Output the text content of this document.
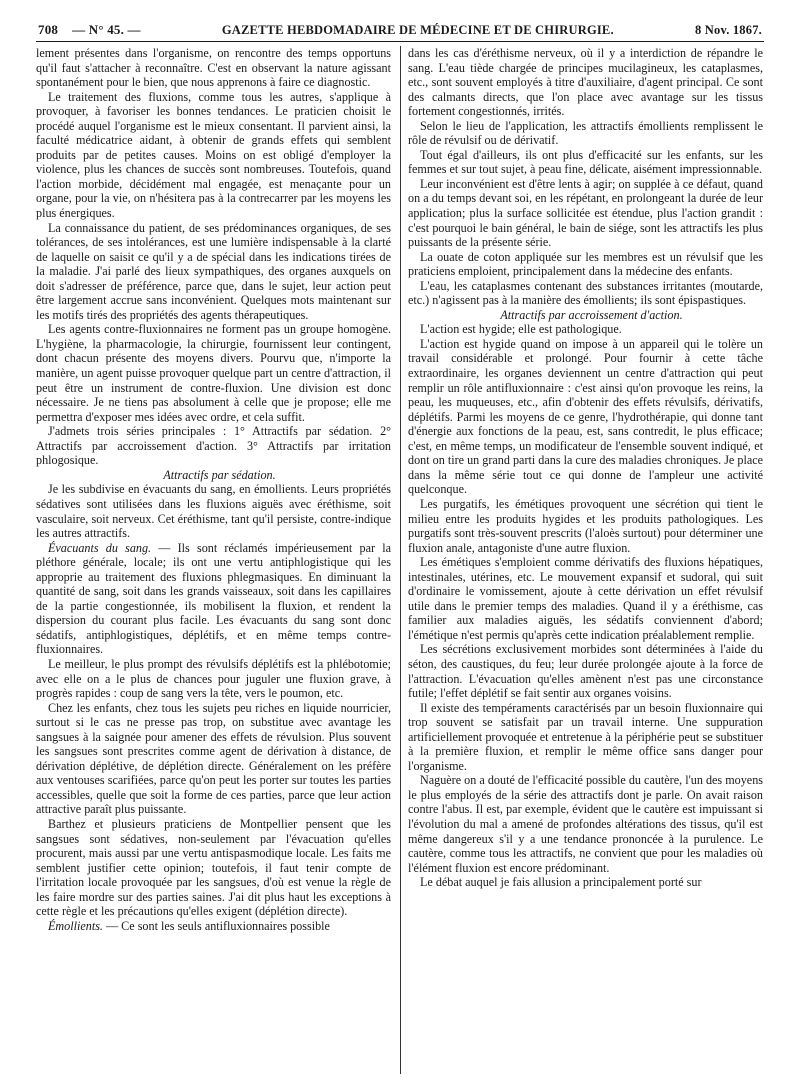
708 — N° 45. —	GAZETTE HEBDOMADAIRE DE MÉDECINE ET DE CHIRURGIE.	8 Nov. 1867.

lement présentes dans l'organisme, on rencontre des temps opportuns qu'il faut s'attacher à reconnaître. C'est en observant la nature agissant spontanément pour le bien, que nous apprenons à faire ce diagnostic.

Le traitement des fluxions, comme tous les autres, s'applique à provoquer, à favoriser les bonnes tendances. Le praticien choisit le procédé auquel l'organisme est le mieux consentant. Il parvient ainsi, la faculté médicatrice aidant, à obtenir de grands effets qui semblent produits par de petites causes. Moins on est obligé d'employer la violence, plus les chances de succès sont nombreuses. Toutefois, quand l'action morbide, décidément mal engagée, est menaçante pour un organe, pour la vie, on n'hésitera pas à la contrecarrer par les moyens les plus énergiques.

La connaissance du patient, de ses prédominances organiques, de ses tolérances, de ses intolérances, est une lumière indispensable à la clarté de laquelle on saisit ce qu'il y a de spécial dans les indications tirées de la maladie. J'ai parlé des lieux sympathiques, des organes auxquels on doit s'adresser de préférence, parce que, dans le sujet, leur action peut être largement accrue sans inconvénient. Quelques mots maintenant sur les motifs tirés des propriétés des agents thérapeutiques.

Les agents contre-fluxionnaires ne forment pas un groupe homogène. L'hygiène, la pharmacologie, la chirurgie, fournissent leur contingent, dont chacun présente des moyens divers. Pourvu que, n'importe la manière, un agent puisse provoquer quelque part un centre d'attraction, il peut être un instrument de contre-fluxion. Une division est donc nécessaire. Je ne tiens pas absolument à celle que je propose; elle me permettra d'exposer mes idées avec ordre, et cela suffit.

J'admets trois séries principales : 1° Attractifs par sédation. 2° Attractifs par accroissement d'action. 3° Attractifs par irritation phlogosique.

Attractifs par sédation.

Je les subdivise en évacuants du sang, en émollients. Leurs propriétés sédatives sont utilisées dans les fluxions aiguës avec éréthisme, soit vasculaire, soit nerveux. Cet éréthisme, tant qu'il persiste, contre-indique les autres attractifs.

Évacuants du sang. — Ils sont réclamés impérieusement par la pléthore générale, locale; ils ont une vertu antiphlogistique qui les approprie au traitement des fluxions phlegmasiques. En diminuant la quantité de sang, soit dans les grands vaisseaux, soit dans les capillaires de la partie congestionnée, ils mobilisent la fluxion, et rendent la dispersion du courant plus facile. Les évacuants du sang sont donc sédatifs, antiphlogistiques, déplétifs, et en même temps contre-fluxionnaires.

Le meilleur, le plus prompt des révulsifs déplétifs est la phlébotomie; avec elle on a le plus de chances pour juguler une fluxion grave, à progrès rapides : coup de sang vers la tête, vers le poumon, etc.

Chez les enfants, chez tous les sujets peu riches en liquide nourricier, surtout si le cas ne presse pas trop, on substitue avec avantage les sangsues à la saignée pour amener des effets de révulsion. Plus souvent les sangsues sont prescrites comme agent de dérivation à distance, de dérivation déplétive, de déplétion directe. Généralement on les préfère aux ventouses scarifiées, parce qu'on peut les porter sur toutes les parties accessibles, quelle que soit la forme de ces parties, parce que leur action attractive paraît plus puissante.

Barthez et plusieurs praticiens de Montpellier pensent que les sangsues sont sédatives, non-seulement par l'évacuation qu'elles procurent, mais aussi par une vertu antispasmodique locale. Les faits me semblent justifier cette opinion; toutefois, il faut tenir compte de l'irritation locale provoquée par les sangsues, d'où est venue la règle de les faire mordre sur des parties saines. J'ai dit plus haut les exceptions à cette règle et les précautions qu'elles exigent (déplétion directe).

Émollients. — Ce sont les seuls antifluxionnaires possible

dans les cas d'éréthisme nerveux, où il y a interdiction de répandre le sang. L'eau tiède chargée de principes mucilagineux, les cataplasmes, etc., sont souvent employés à titre d'auxiliaire, d'agent principal. Ce sont des calmants directs, que l'on place avec avantage sur les tissus fortement congestionnés, irrités.

Selon le lieu de l'application, les attractifs émollients remplissent le rôle de révulsif ou de dérivatif.

Tout égal d'ailleurs, ils ont plus d'efficacité sur les enfants, sur les femmes et sur tout sujet, à peau fine, délicate, aisément impressionnable.

Leur inconvénient est d'être lents à agir; on supplée à ce défaut, quand on a du temps devant soi, en les répétant, en prolongeant la durée de leur application; plus la surface sollicitée est étendue, plus l'action grandit : c'est pourquoi le bain général, le bain de siége, sont les attractifs les plus puissants de la présente série.

La ouate de coton appliquée sur les membres est un révulsif que les praticiens emploient, principalement dans la médecine des enfants.

L'eau, les cataplasmes contenant des substances irritantes (moutarde, etc.) n'agissent pas à la manière des émollients; ils sont épispastiques.

Attractifs par accroissement d'action.

L'action est hygide; elle est pathologique.

L'action est hygide quand on impose à un appareil qui le tolère un travail considérable et prolongé. Pour fournir à cette tâche extraordinaire, les organes deviennent un centre d'attraction qui peut remplir un rôle antifluxionnaire : c'est ainsi qu'on provoque les reins, la peau, les muqueuses, etc., afin d'obtenir des effets révulsifs, dérivatifs, déplétifs. Parmi les moyens de ce genre, l'hydrothérapie, qui donne tant d'énergie aux fonctions de la peau, est, sans contredit, le plus efficace; c'est, en même temps, un modificateur de l'ensemble souvent indiqué, et dont on tire un grand parti dans la cure des maladies chroniques. Je place dans la même série tout ce qui donne de l'ampleur une activité quelconque.

Les purgatifs, les émétiques provoquent une sécrétion qui tient le milieu entre les produits hygides et les produits pathologiques. Les purgatifs sont très-souvent prescrits (l'aloès surtout) pour déterminer une fluxion anale, antagoniste d'une autre fluxion.

Les émétiques s'emploient comme dérivatifs des fluxions hépatiques, intestinales, utérines, etc. Le mouvement expansif et sudoral, qui suit d'ordinaire le vomissement, ajoute à cette dérivation un effet révulsif utile dans le premier temps des maladies. Quand il y a éréthisme, cas familier aux maladies aiguës, les sédatifs conviennent d'abord; l'émétique n'est permis qu'après cette indication préalablement remplie.

Les sécrétions exclusivement morbides sont déterminées à l'aide du séton, des caustiques, du feu; leur durée prolongée ajoute à la force de l'attraction. L'évacuation qu'elles amènent n'est pas une circonstance futile; l'effet déplétif se fait sentir aux organes voisins.

Il existe des tempéraments caractérisés par un besoin fluxionnaire qui trop souvent se satisfait par un travail interne. Une suppuration artificiellement provoquée et entretenue à la périphérie peut se substituer à la première fluxion, et remplir le même office sans danger pour l'organisme.

Naguère on a douté de l'efficacité possible du cautère, l'un des moyens le plus employés de la série des attractifs dont je parle. On avait raison contre l'abus. Il est, par exemple, évident que le cautère est impuissant si l'évolution du mal a amené de profondes altérations des tissus, qu'il est même dangereux s'il y a une tendance prononcée à la purulence. Le cautère, comme tous les attractifs, ne convient que pour les maladies où l'élément fluxion est encore prédominant.

Le débat auquel je fais allusion a principalement porté sur
